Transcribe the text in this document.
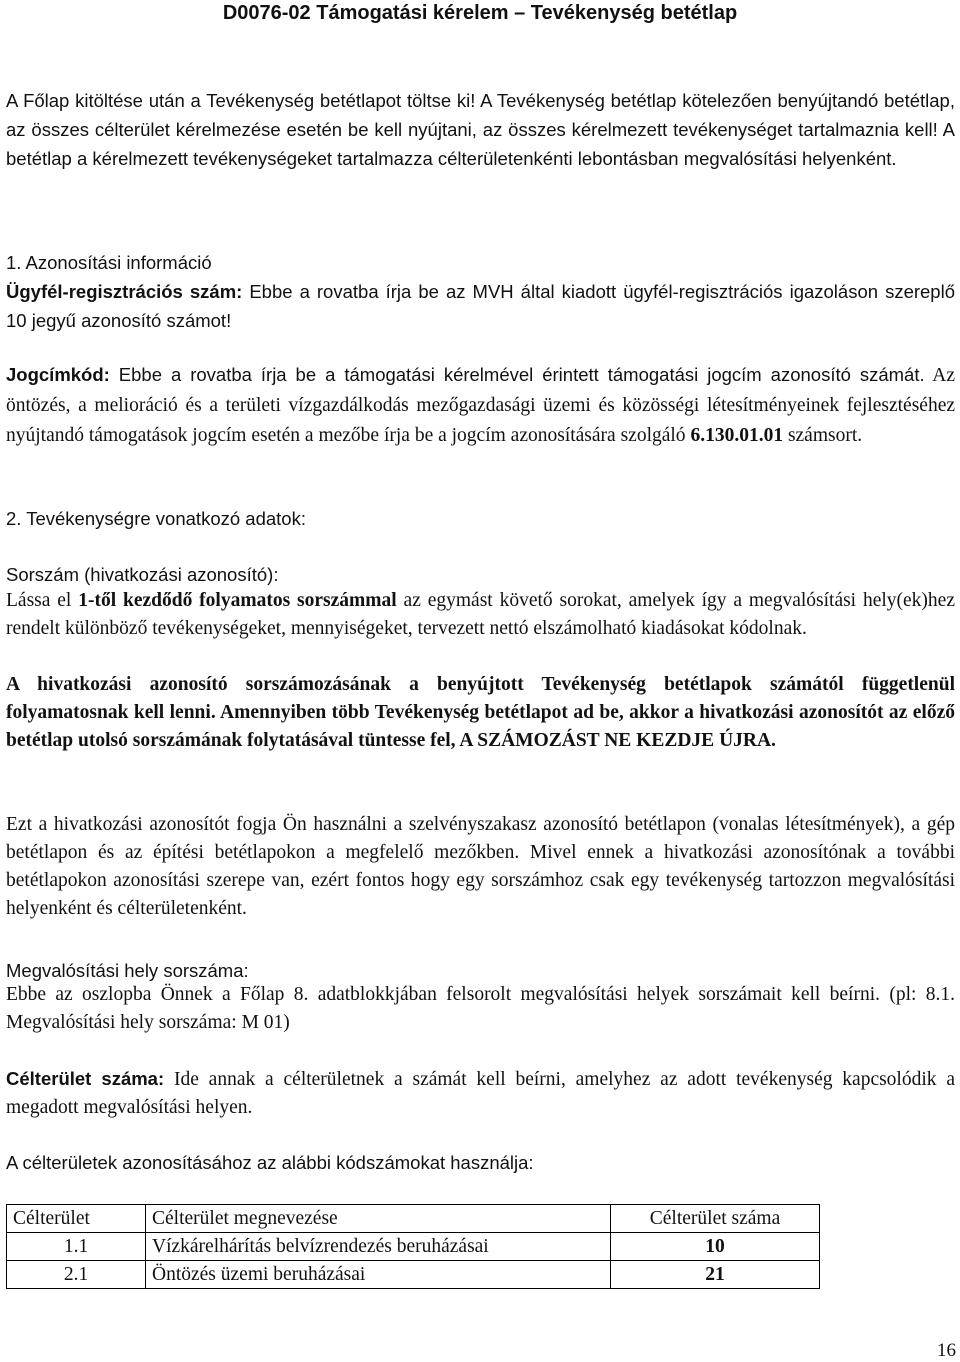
D0076-02 Támogatási kérelem – Tevékenység betétlap

A Főlap kitöltése után a Tevékenység betétlapot töltse ki! A Tevékenység betétlap kötelezően benyújtandó betétlap, az összes célterület kérelmezése esetén be kell nyújtani, az összes kérelmezett tevékenységet tartalmaznia kell! A betétlap a kérelmezett tevékenységeket tartalmazza célterületenkénti lebontásban megvalósítási helyenként.

1. Azonosítási információ

Ügyfél-regisztrációs szám: Ebbe a rovatba írja be az MVH által kiadott ügyfél-regisztrációs igazoláson szereplő 10 jegyű azonosító számot!

Jogcímkód: Ebbe a rovatba írja be a támogatási kérelmével érintett támogatási jogcím azonosító számát. Az öntözés, a melioráció és a területi vízgazdálkodás mezőgazdasági üzemi és közösségi létesítményeinek fejlesztéséhez nyújtandó támogatások jogcím esetén a mezőbe írja be a jogcím azonosítására szolgáló 6.130.01.01 számsort.

2. Tevékenységre vonatkozó adatok:
Sorszám (hivatkozási azonosító):

Lássa el 1-től kezdődő folyamatos sorszámmal az egymást követő sorokat, amelyek így a megvalósítási hely(ek)hez rendelt különböző tevékenységeket, mennyiségeket, tervezett nettó elszámolható kiadásokat kódolnak.

A hivatkozási azonosító sorszámozásának a benyújtott Tevékenység betétlapok számától függetlenül folyamatosnak kell lenni. Amennyiben több Tevékenység betétlapot ad be, akkor a hivatkozási azonosítót az előző betétlap utolsó sorszámának folytatásával tüntesse fel, A SZÁMOZÁST NE KEZDJE ÚJRA.

Ezt a hivatkozási azonosítót fogja Ön használni a szelvényszakasz azonosító betétlapon (vonalas létesítmények), a gép betétlapon és az építési betétlapokon a megfelelő mezőkben. Mivel ennek a hivatkozási azonosítónak a további betétlapokon azonosítási szerepe van, ezért fontos hogy egy sorszámhoz csak egy tevékenység tartozzon megvalósítási helyenként és célterületenként.

Megvalósítási hely sorszáma:

Ebbe az oszlopba Önnek a Főlap 8. adatblokkjában felsorolt megvalósítási helyek sorszámait kell beírni. (pl: 8.1. Megvalósítási hely sorszáma: M 01)

Célterület száma: Ide annak a célterületnek a számát kell beírni, amelyhez az adott tevékenység kapcsolódik a megadott megvalósítási helyen.

A célterületek azonosításához az alábbi kódszámokat használja:

Célterület	Célterület megnevezése	Célterület száma
1.1	Vízkárelhárítás belvízrendezés beruházásai	10
2.1	Öntözés üzemi beruházásai	21
16
